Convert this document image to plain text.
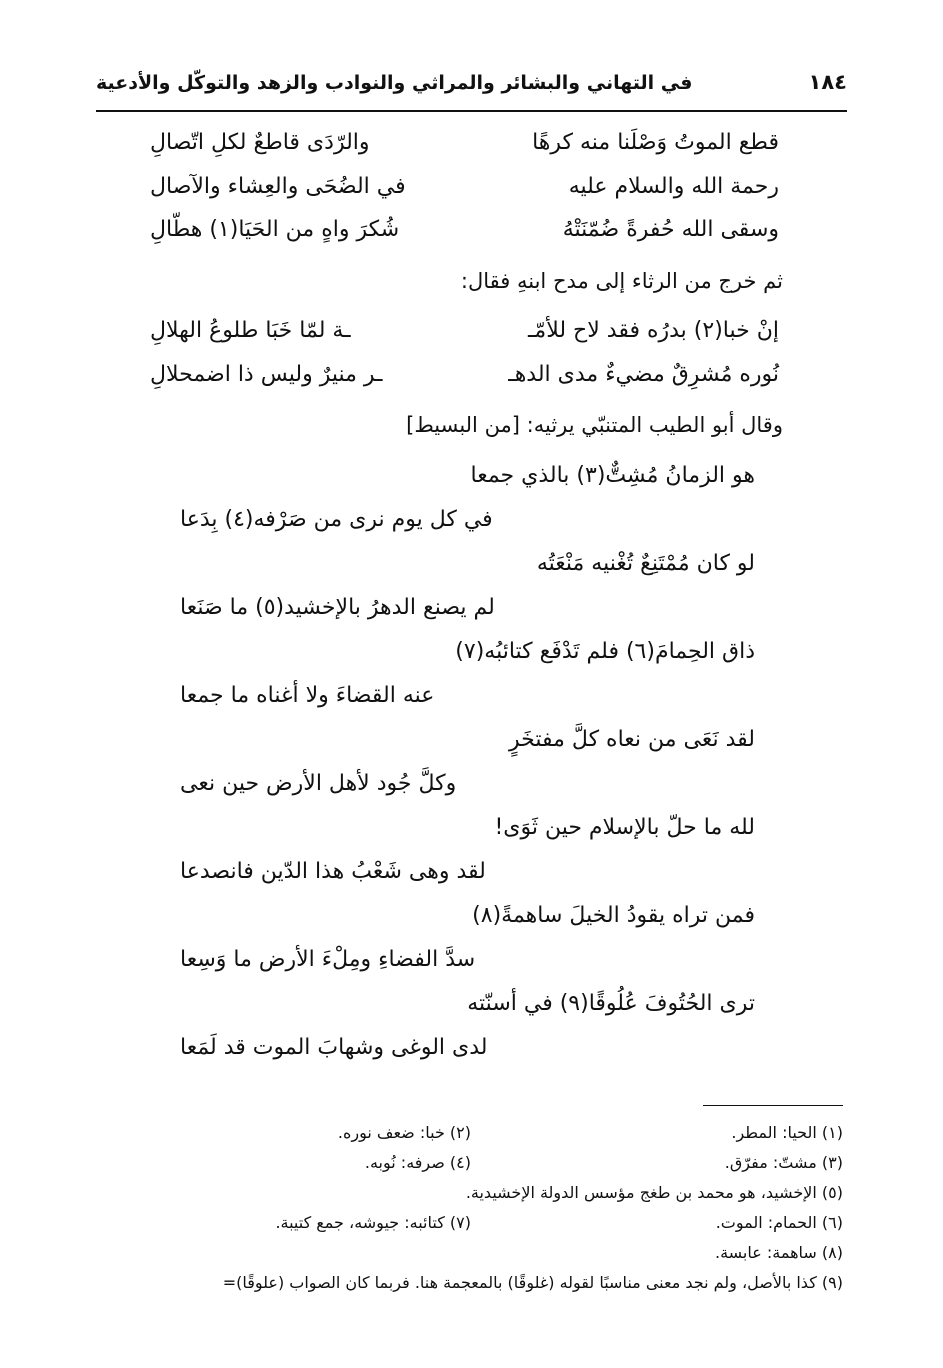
١٨٤
في التهاني والبشائر والمراثي والنوادب والزهد والتوكّل والأدعية
قطع الموتُ وَصْلَنا منه كرهًا
والرّدَى قاطعٌ لكلِ اتّصالِ
رحمة الله والسلام عليه
في الضُحَى والعِشاء والآصال
وسقى الله حُفرةً ضُمّنَتْهُ
شُكرَ واهٍ من الحَيَا(١) هطّالِ
ثم خرج من الرثاء إلى مدح ابنهِ فقال:
إنْ خبا(٢) بدرُه فقد لاح للأمّـ
ـة لمّا خَبَا طلوعُ الهلالِ
نُوره مُشرِقٌ مضيءٌ مدى الدهـ
ـر منيرٌ وليس ذا اضمحلالِ
وقال أبو الطيب المتنبّي يرثيه: [من البسيط]
هو الزمانُ مُشِتٌّ(٣) بالذي جمعا
في كل يوم نرى من صَرْفه(٤) بِدَعا
لو كان مُمْتَنِعٌ تُغْنيه مَنْعَتُه
لم يصنع الدهرُ بالإخشيد(٥) ما صَنَعا
ذاق الحِمامَ(٦) فلم تَدْفَع كتائبُه(٧)
عنه القضاءَ ولا أغناه ما جمعا
لقد نَعَى من نعاه كلَّ مفتخَرٍ
وكلَّ جُود لأهل الأرض حين نعى
لله ما حلّ بالإسلام حين ثَوَى!
لقد وهى شَعْبُ هذا الدّين فانصدعا
فمن تراه يقودُ الخيلَ ساهمةً(٨)
سدَّ الفضاءِ ومِلْءَ الأرض ما وَسِعا
ترى الحُتُوفَ عُلُوقًا(٩) في أسنّته
لدى الوغى وشهابَ الموت قد لَمَعا
(١) الحيا: المطر.
(٢) خبا: ضعف نوره.
(٣) مشتّ: مفرّق.
(٤) صرفه: نُوبه.
(٥) الإخشيد، هو محمد بن طغج مؤسس الدولة الإخشيدية.
(٦) الحمام: الموت.
(٧) كتائبه: جيوشه، جمع كتيبة.
(٨) ساهمة: عابسة.
(٩) كذا بالأصل، ولم نجد معنى مناسبًا لقوله (غلوقًا) بالمعجمة هنا. فربما كان الصواب (علوقًا)=
